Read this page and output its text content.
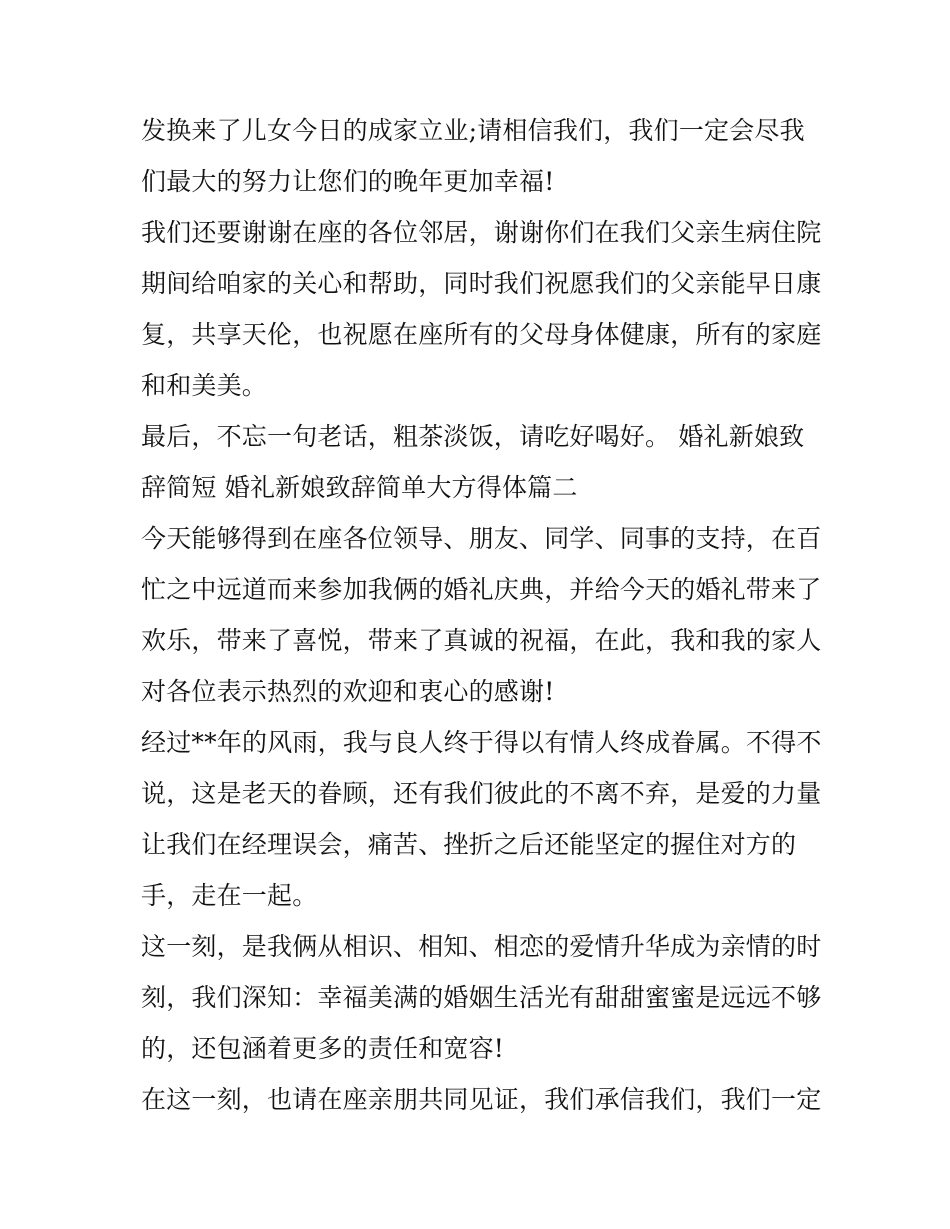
发换来了儿女今日的成家立业;请相信我们，我们一定会尽我
们最大的努力让您们的晚年更加幸福!
我们还要谢谢在座的各位邻居，谢谢你们在我们父亲生病住院
期间给咱家的关心和帮助，同时我们祝愿我们的父亲能早日康
复，共享天伦，也祝愿在座所有的父母身体健康，所有的家庭
和和美美。
最后，不忘一句老话，粗茶淡饭，请吃好喝好。 婚礼新娘致
辞简短 婚礼新娘致辞简单大方得体篇二
今天能够得到在座各位领导、朋友、同学、同事的支持，在百
忙之中远道而来参加我俩的婚礼庆典，并给今天的婚礼带来了
欢乐，带来了喜悦，带来了真诚的祝福，在此，我和我的家人
对各位表示热烈的欢迎和衷心的感谢!
经过**年的风雨，我与良人终于得以有情人终成眷属。不得不
说，这是老天的眷顾，还有我们彼此的不离不弃，是爱的力量
让我们在经理误会，痛苦、挫折之后还能坚定的握住对方的
手，走在一起。
这一刻，是我俩从相识、相知、相恋的爱情升华成为亲情的时
刻，我们深知：幸福美满的婚姻生活光有甜甜蜜蜜是远远不够
的，还包涵着更多的责任和宽容!
在这一刻，也请在座亲朋共同见证，我们承信我们，我们一定
